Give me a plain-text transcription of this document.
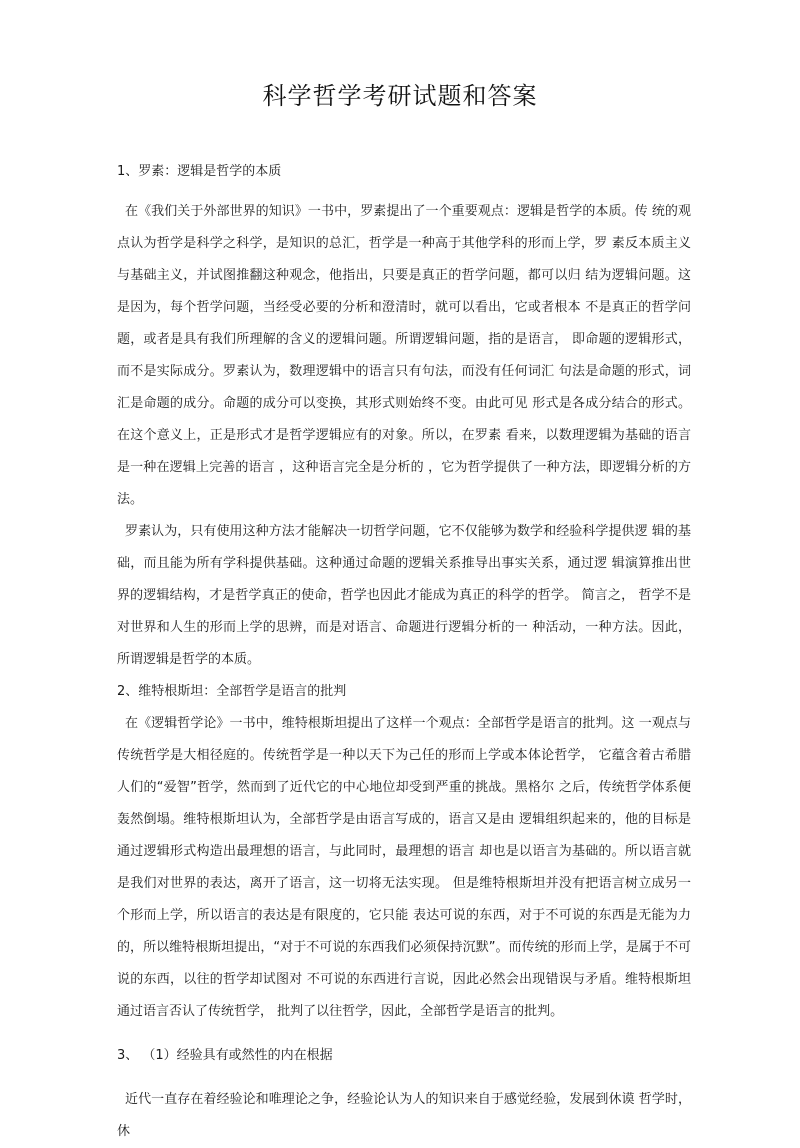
科学哲学考研试题和答案
1、罗素：逻辑是哲学的本质

在《我们关于外部世界的知识》一书中，罗素提出了一个重要观点：逻辑是哲学的本质。传 统的观点认为哲学是科学之科学，是知识的总汇，哲学是一种高于其他学科的形而上学，罗 素反本质主义与基础主义，并试图推翻这种观念，他指出，只要是真正的哲学问题，都可以归 结为逻辑问题。这是因为，每个哲学问题，当经受必要的分析和澄清时，就可以看出，它或者根本 不是真正的哲学问题，或者是具有我们所理解的含义的逻辑问题。所谓逻辑问题，指的是语言， 即命题的逻辑形式，而不是实际成分。罗素认为，数理逻辑中的语言只有句法，而没有任何词汇 句法是命题的形式，词汇是命题的成分。命题的成分可以变换，其形式则始终不变。由此可见 形式是各成分结合的形式。在这个意义上，正是形式才是哲学逻辑应有的对象。所以，在罗素 看来，以数理逻辑为基础的语言是一种在逻辑上完善的语言 ，这种语言完全是分析的 ，它为哲学提供了一种方法，即逻辑分析的方法。

罗素认为，只有使用这种方法才能解决一切哲学问题，它不仅能够为数学和经验科学提供逻 辑的基础，而且能为所有学科提供基础。这种通过命题的逻辑关系推导出事实关系，通过逻 辑演算推出世界的逻辑结构，才是哲学真正的使命，哲学也因此才能成为真正的科学的哲学。 简言之， 哲学不是对世界和人生的形而上学的思辨，而是对语言、命题进行逻辑分析的一 种活动，一种方法。因此，所谓逻辑是哲学的本质。

2、维特根斯坦：全部哲学是语言的批判

在《逻辑哲学论》一书中，维特根斯坦提出了这样一个观点：全部哲学是语言的批判。这 一观点与传统哲学是大相径庭的。传统哲学是一种以天下为己任的形而上学或本体论哲学， 它蕴含着古希腊人们的“爱智”哲学，然而到了近代它的中心地位却受到严重的挑战。黑格尔 之后，传统哲学体系便轰然倒塌。维特根斯坦认为，全部哲学是由语言写成的，语言又是由 逻辑组织起来的，他的目标是通过逻辑形式构造出最理想的语言，与此同时，最理想的语言 却也是以语言为基础的。所以语言就是我们对世界的表达，离开了语言，这一切将无法实现。 但是维特根斯坦并没有把语言树立成另一个形而上学，所以语言的表达是有限度的，它只能 表达可说的东西，对于不可说的东西是无能为力的，所以维特根斯坦提出，“对于不可说的东西我们必须保持沉默”。而传统的形而上学，是属于不可说的东西，以往的哲学却试图对 不可说的东西进行言说，因此必然会出现错误与矛盾。维特根斯坦通过语言否认了传统哲学， 批判了以往哲学，因此，全部哲学是语言的批判。

3、 （1）经验具有或然性的内在根据

近代一直存在着经验论和唯理论之争，经验论认为人的知识来自于感觉经验，发展到休谟 哲学时，休
